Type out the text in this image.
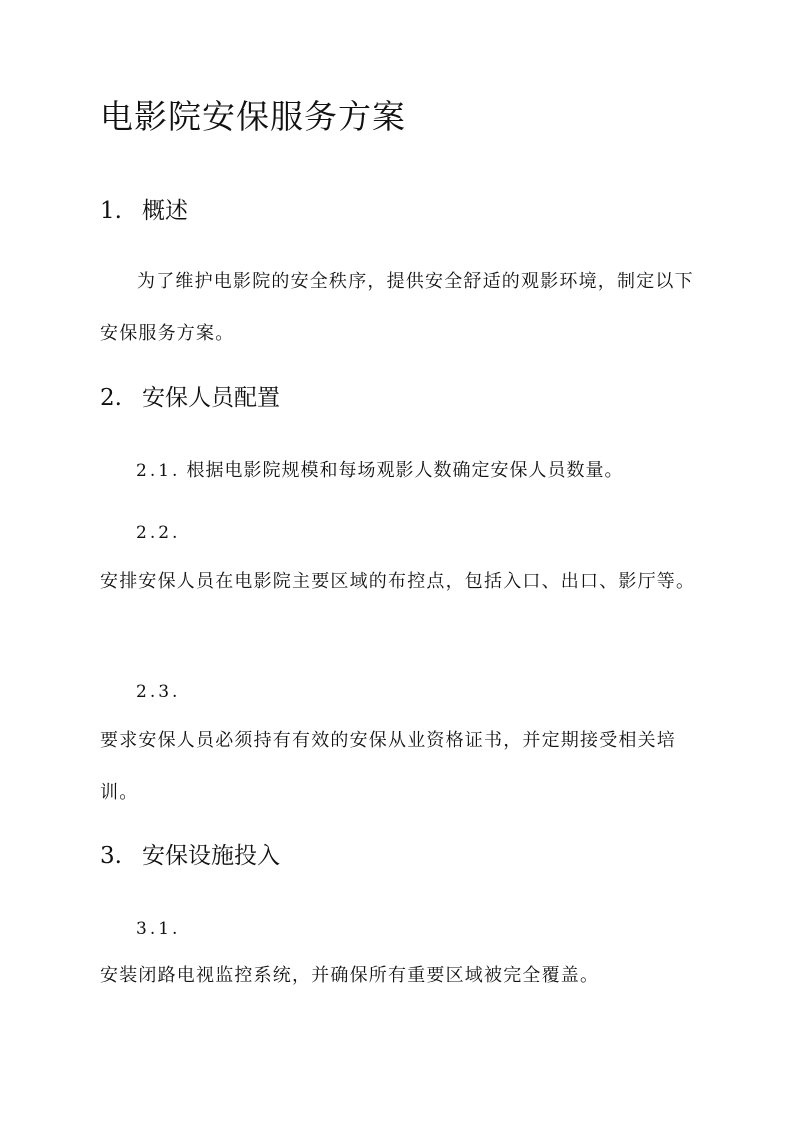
电影院安保服务方案
1. 概述
为了维护电影院的安全秩序，提供安全舒适的观影环境，制定以下安保服务方案。
2. 安保人员配置
2.1. 根据电影院规模和每场观影人数确定安保人员数量。
2.2.
安排安保人员在电影院主要区域的布控点，包括入口、出口、影厅等。
2.3.
要求安保人员必须持有有效的安保从业资格证书，并定期接受相关培训。
3. 安保设施投入
3.1.
安装闭路电视监控系统，并确保所有重要区域被完全覆盖。
